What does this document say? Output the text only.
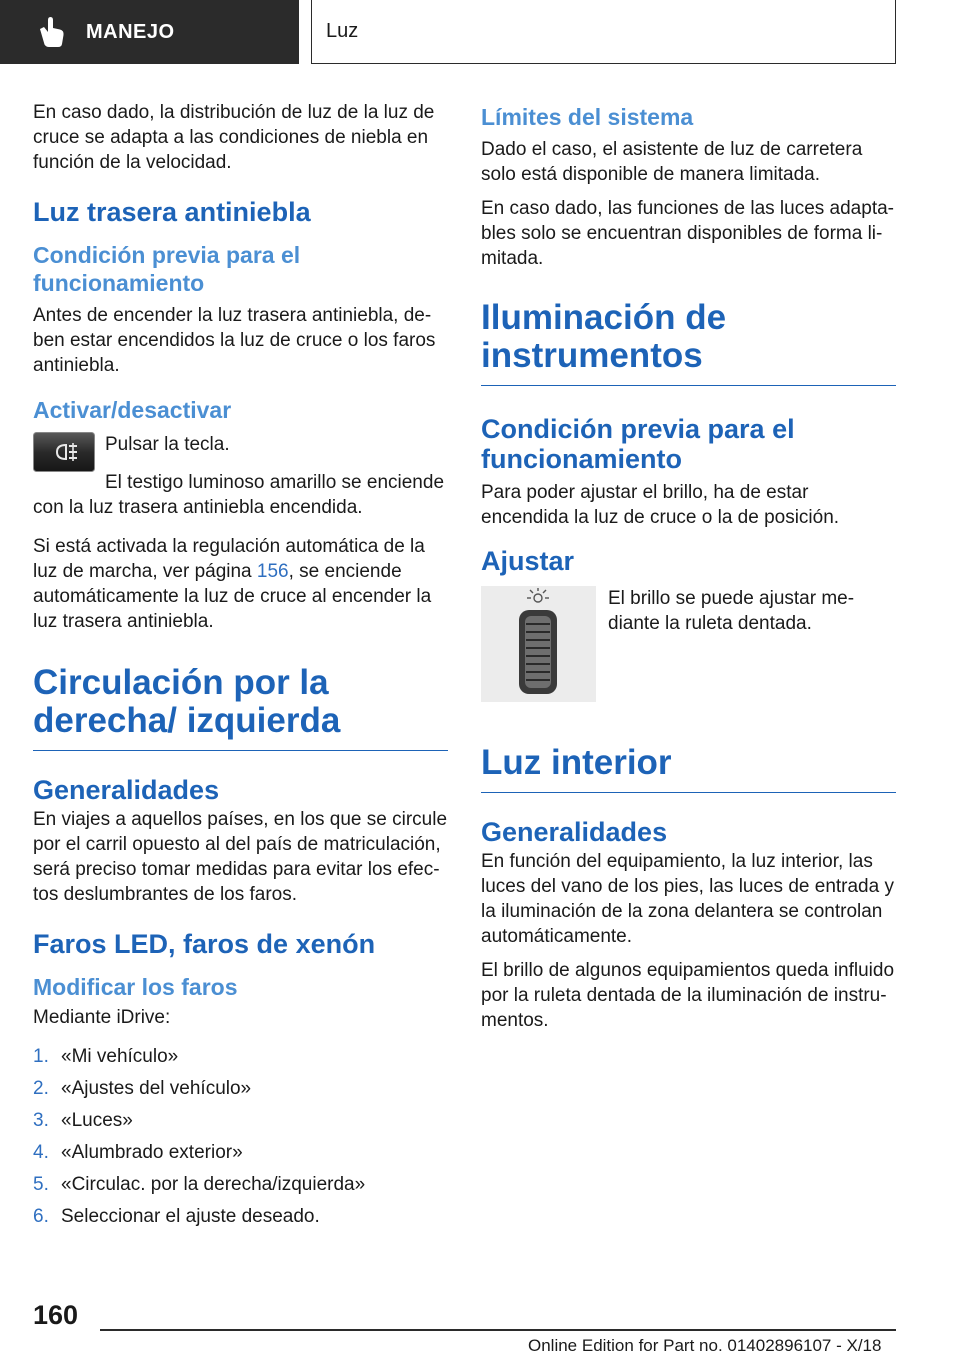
MANEJO	Luz

En caso dado, la distribución de luz de la luz de cruce se adapta a las condiciones de niebla en función de la velocidad.

Luz trasera antiniebla
Condición previa para el funcionamiento

Antes de encender la luz trasera antiniebla, deben estar encendidos la luz de cruce o los faros antiniebla.

Activar/desactivar

Pulsar la tecla.

El testigo luminoso amarillo se enciende con la luz trasera antiniebla encendida.

Si está activada la regulación automática de la luz de marcha, ver página 156, se enciende automáticamente la luz de cruce al encender la luz trasera antiniebla.

Circulación por la derecha/ izquierda
Generalidades

En viajes a aquellos países, en los que se circule por el carril opuesto al del país de matriculación, será preciso tomar medidas para evitar los efectos deslumbrantes de los faros.

Faros LED, faros de xenón
Modificar los faros

Mediante iDrive:

1. «Mi vehículo»
2. «Ajustes del vehículo»
3. «Luces»
4. «Alumbrado exterior»
5. «Circulac. por la derecha/izquierda»
6. Seleccionar el ajuste deseado.
Límites del sistema

Dado el caso, el asistente de luz de carretera solo está disponible de manera limitada.

En caso dado, las funciones de las luces adaptables solo se encuentran disponibles de forma limitada.

Iluminación de instrumentos
Condición previa para el funcionamiento

Para poder ajustar el brillo, ha de estar encendida la luz de cruce o la de posición.

Ajustar

El brillo se puede ajustar mediante la ruleta dentada.

Luz interior
Generalidades

En función del equipamiento, la luz interior, las luces del vano de los pies, las luces de entrada y la iluminación de la zona delantera se controlan automáticamente.

El brillo de algunos equipamientos queda influido por la ruleta dentada de la iluminación de instrumentos.

160
Online Edition for Part no. 01402896107 - X/18
